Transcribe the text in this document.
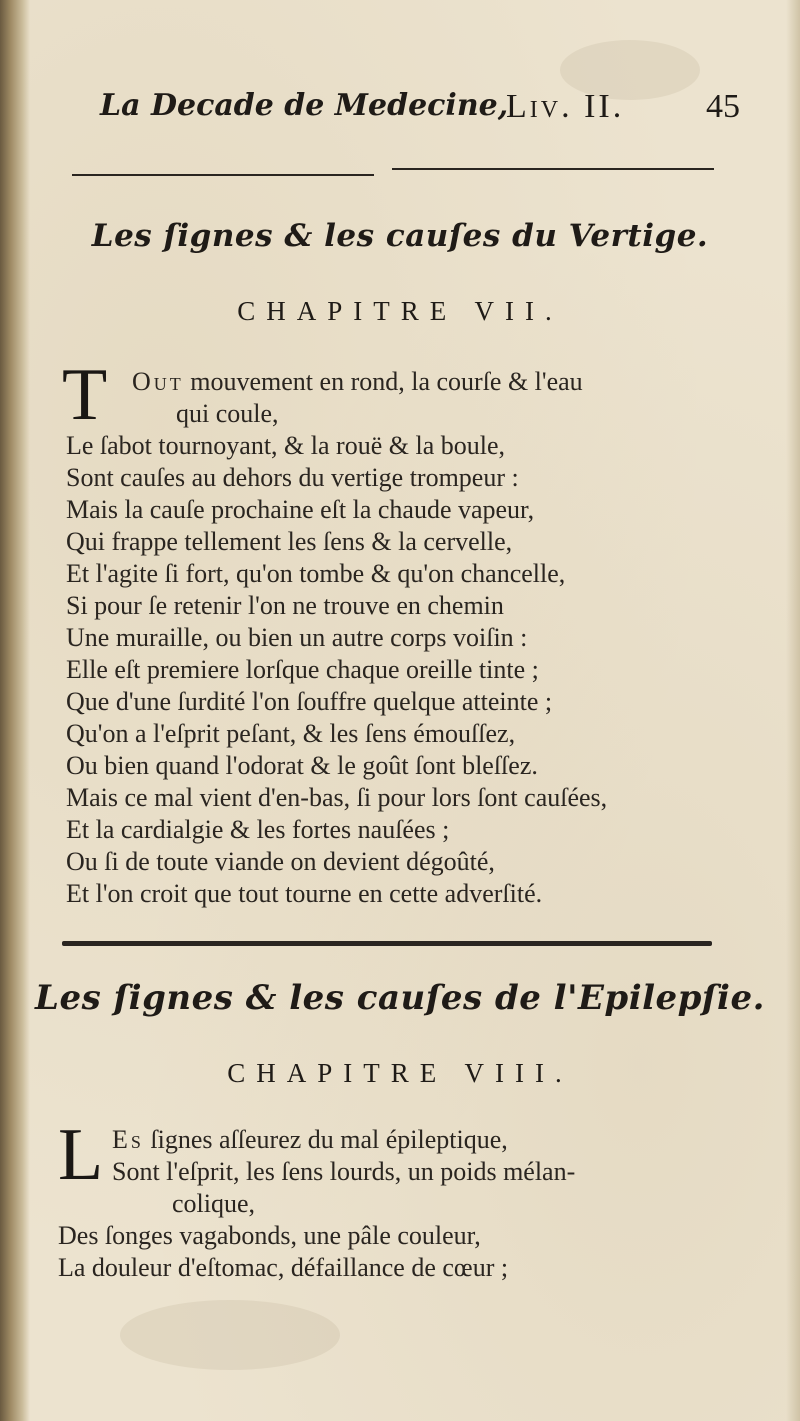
La Decade de Medecine,
Liv. II. 45
Les ſignes & les cauſes du Vertige.
CHAPITRE VII.
T Out mouvement en rond, la courſe & l'eau
qui coule,
Le ſabot tournoyant, & la rouë & la boule,
Sont cauſes au dehors du vertige trompeur :
Mais la cauſe prochaine eſt la chaude vapeur,
Qui frappe tellement les ſens & la cervelle,
Et l'agite ſi fort, qu'on tombe & qu'on chancelle,
Si pour ſe retenir l'on ne trouve en chemin
Une muraille, ou bien un autre corps voiſin :
Elle eſt premiere lorſque chaque oreille tinte ;
Que d'une ſurdité l'on ſouffre quelque atteinte ;
Qu'on a l'eſprit peſant, & les ſens émouſſez,
Ou bien quand l'odorat & le goût ſont bleſſez.
Mais ce mal vient d'en-bas, ſi pour lors ſont cauſées,
Et la cardialgie & les fortes nauſées ;
Ou ſi de toute viande on devient dégoûté,
Et l'on croit que tout tourne en cette adverſité.
Les ſignes & les cauſes de l'Epilepſie.
CHAPITRE VIII.
L Es ſignes aſſeurez du mal épileptique,
Sont l'eſprit, les ſens lourds, un poids mélan-
colique,
Des ſonges vagabonds, une pâle couleur,
La douleur d'eſtomac, défaillance de cœur ;
